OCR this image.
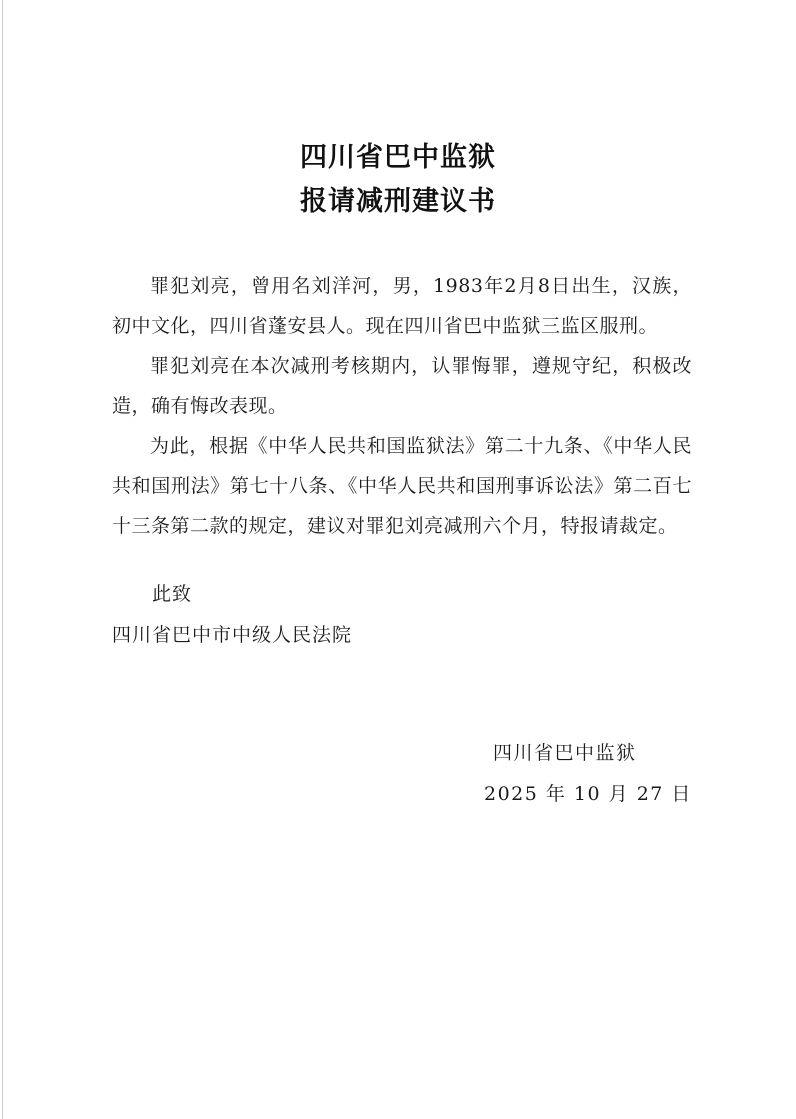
四川省巴中监狱
报请减刑建议书
罪犯刘亮，曾用名刘洋河，男，1983年2月8日出生，汉族，初中文化，四川省蓬安县人。现在四川省巴中监狱三监区服刑。
罪犯刘亮在本次减刑考核期内，认罪悔罪，遵规守纪，积极改造，确有悔改表现。
为此，根据《中华人民共和国监狱法》第二十九条、《中华人民共和国刑法》第七十八条、《中华人民共和国刑事诉讼法》第二百七十三条第二款的规定，建议对罪犯刘亮减刑六个月，特报请裁定。
此致
四川省巴中市中级人民法院
四川省巴中监狱
2025 年 10 月 27 日
